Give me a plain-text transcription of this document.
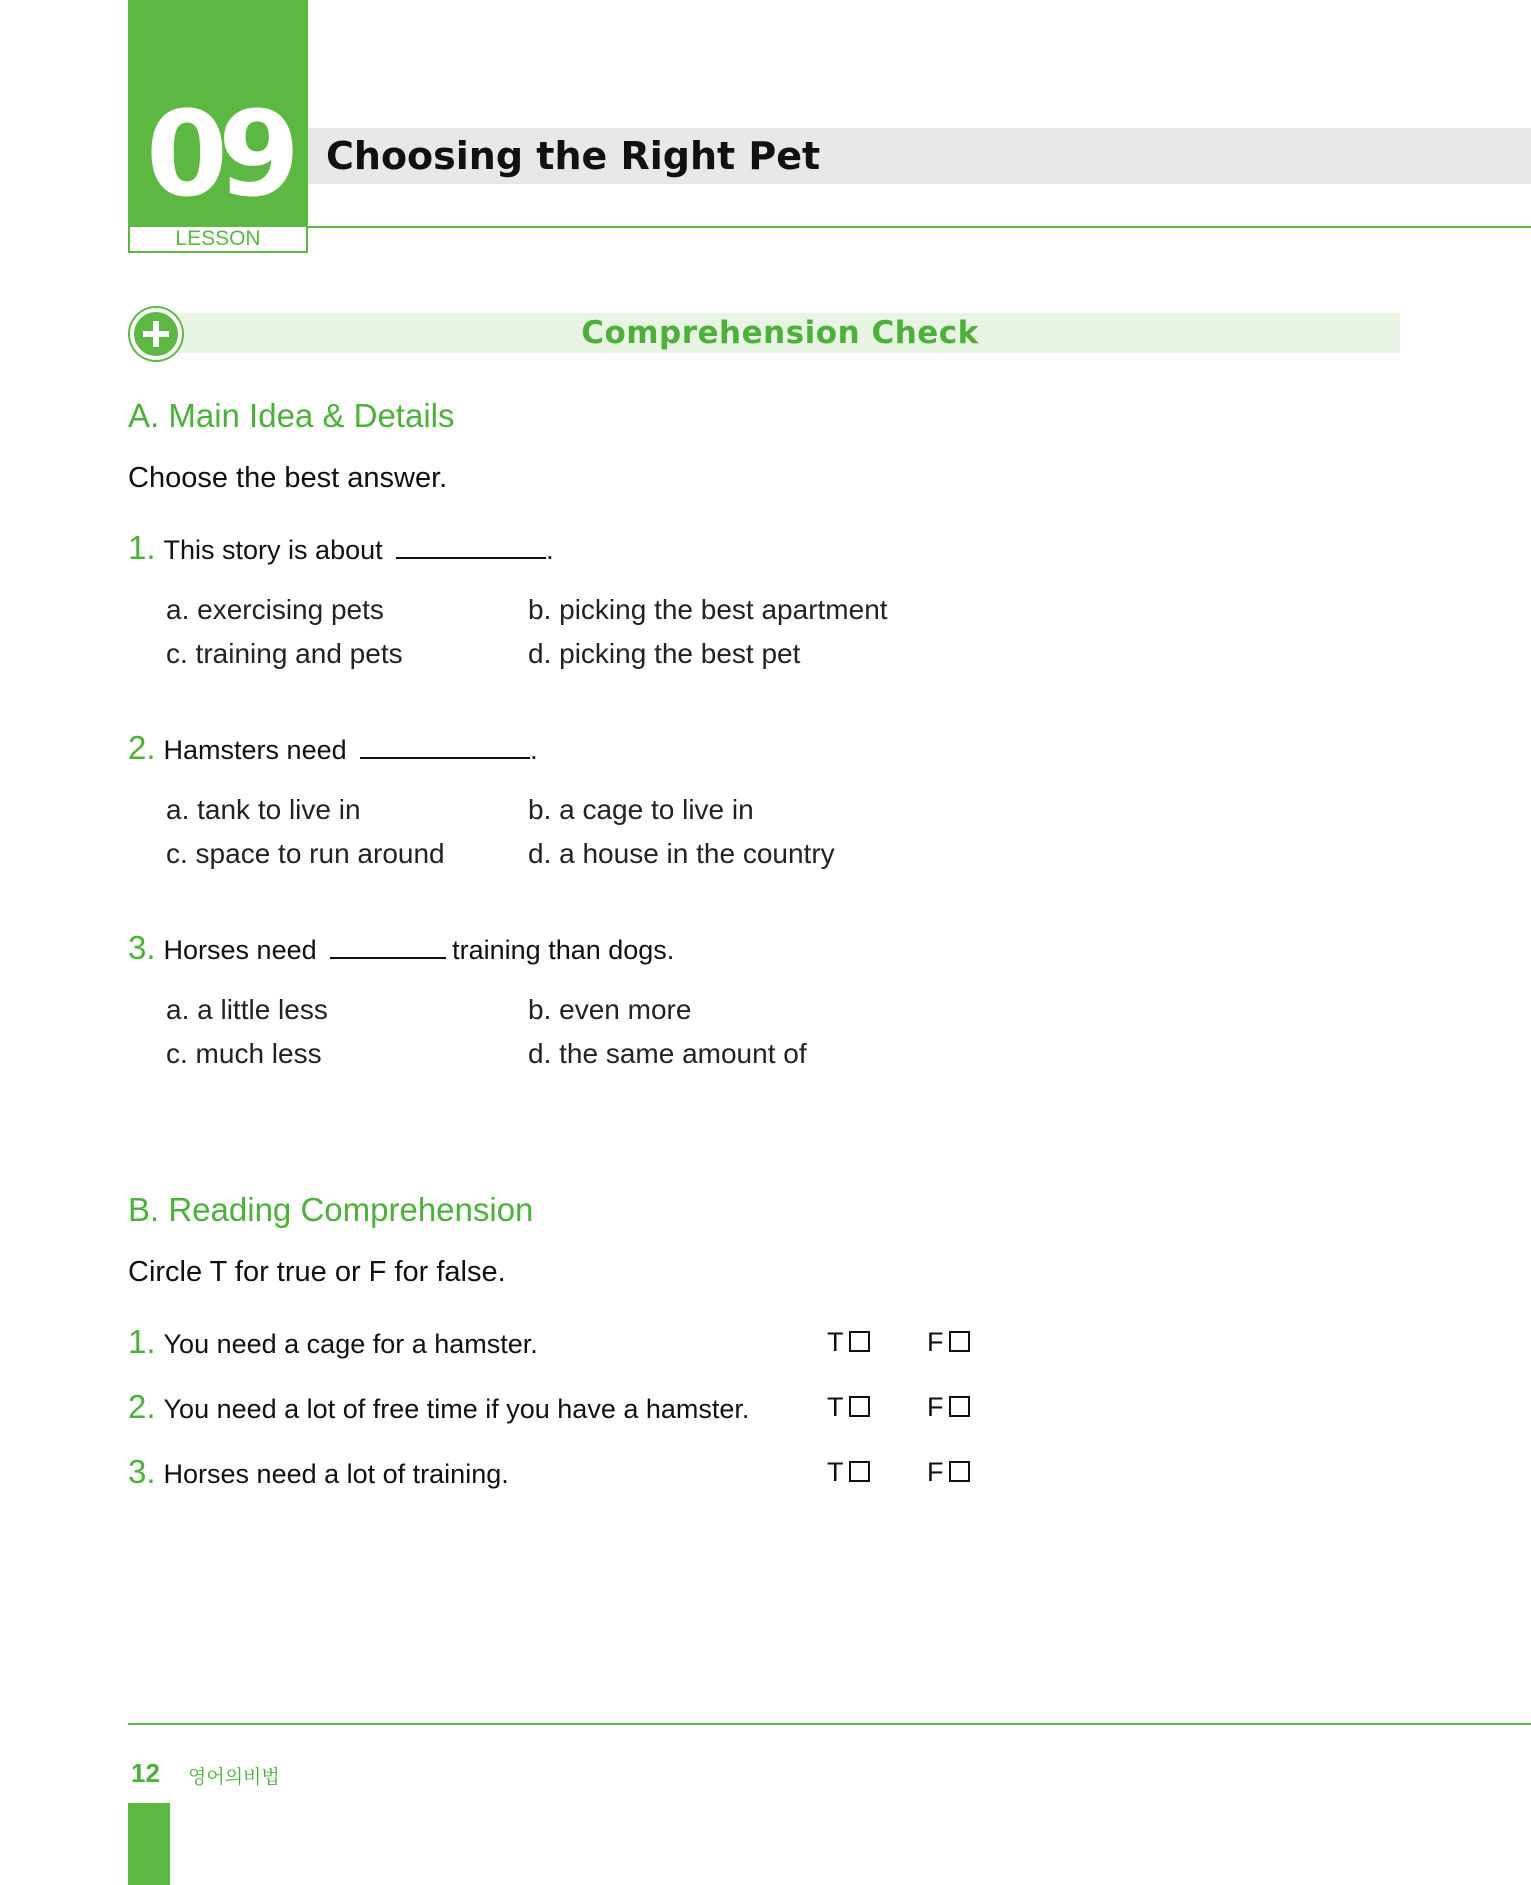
09
LESSON
Choosing the Right Pet
Comprehension Check
A. Main Idea & Details
Choose the best answer.
1. This story is about	.
a. exercising pets	b. picking the best apartment
c. training and pets	d. picking the best pet
2. Hamsters need	.
a. tank to live in	b. a cage to live in
c. space to run around	d. a house in the country
3. Horses need	training than dogs.
a. a little less	b. even more
c. much less	d. the same amount of
B. Reading Comprehension
Circle T for true or F for false.
1. You need a cage for a hamster.	T	F
2. You need a lot of free time if you have a hamster.	T	F
3. Horses need a lot of training.	T	F
12 영어의비법
